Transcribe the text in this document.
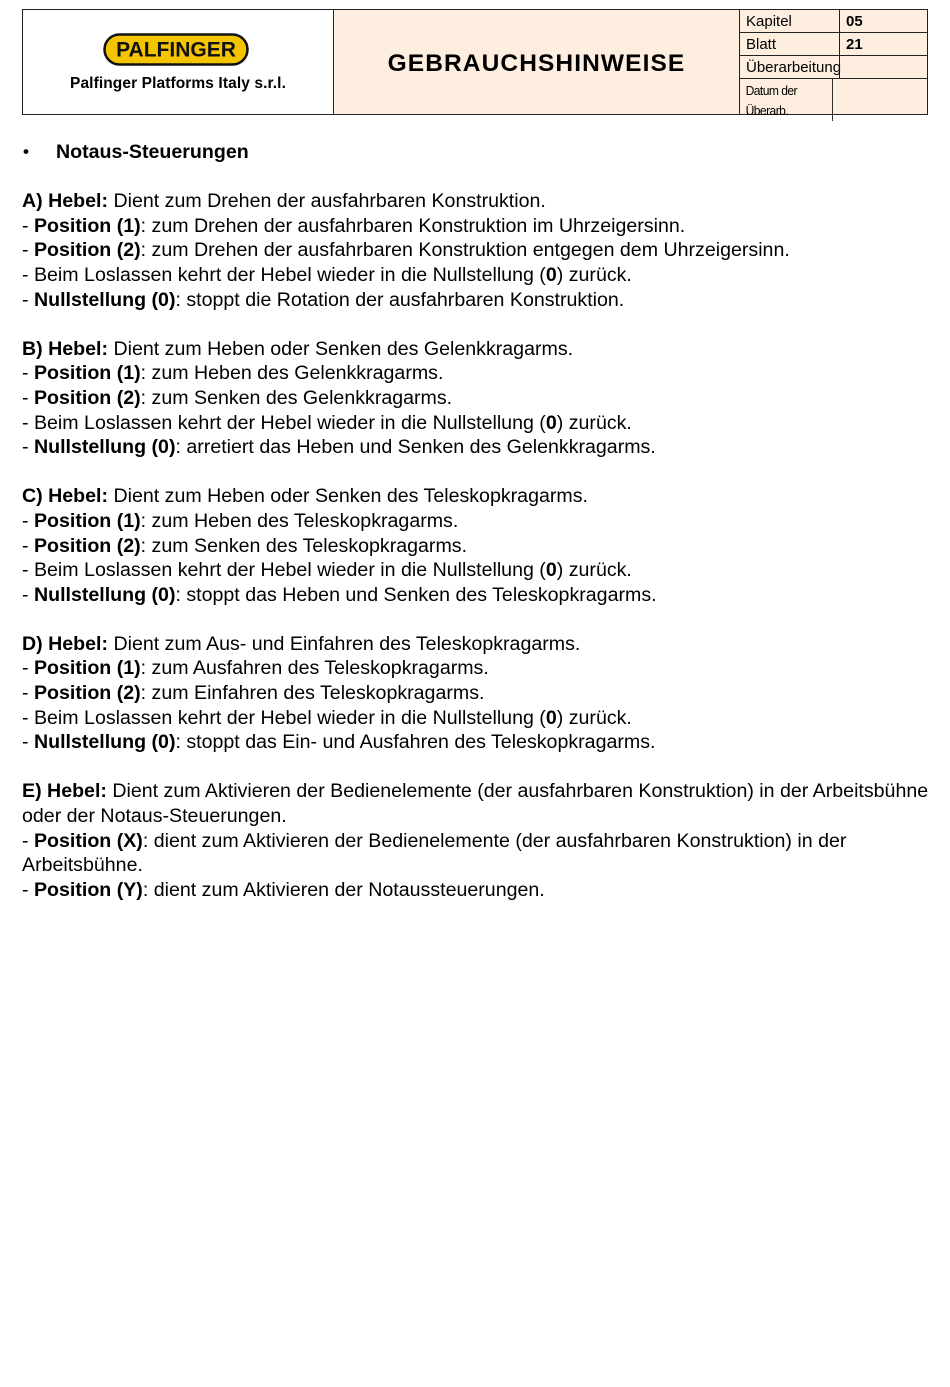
PALFINGER
Palfinger Platforms Italy s.r.l.
GEBRAUCHSHINWEISE
Kapitel	05
Blatt	21
Überarbeitung
Datum der Überarb.
•	Notaus-Steuerungen
A) Hebel: Dient zum Drehen der ausfahrbaren Konstruktion.
- Position (1): zum Drehen der ausfahrbaren Konstruktion im Uhrzeigersinn.
- Position (2): zum Drehen der ausfahrbaren Konstruktion entgegen dem Uhrzeigersinn.
- Beim Loslassen kehrt der Hebel wieder in die Nullstellung (0) zurück.
- Nullstellung (0): stoppt die Rotation der ausfahrbaren Konstruktion.
B) Hebel: Dient zum Heben oder Senken des Gelenkkragarms.
- Position (1): zum Heben des Gelenkkragarms.
- Position (2): zum Senken des Gelenkkragarms.
- Beim Loslassen kehrt der Hebel wieder in die Nullstellung (0) zurück.
- Nullstellung (0): arretiert das Heben und Senken des Gelenkkragarms.
C) Hebel: Dient zum Heben oder Senken des Teleskopkragarms.
- Position (1): zum Heben des Teleskopkragarms.
- Position (2): zum Senken des Teleskopkragarms.
- Beim Loslassen kehrt der Hebel wieder in die Nullstellung (0) zurück.
- Nullstellung (0): stoppt das Heben und Senken des Teleskopkragarms.
D) Hebel: Dient zum Aus- und Einfahren des Teleskopkragarms.
- Position (1): zum Ausfahren des Teleskopkragarms.
- Position (2): zum Einfahren des Teleskopkragarms.
- Beim Loslassen kehrt der Hebel wieder in die Nullstellung (0) zurück.
- Nullstellung (0): stoppt das Ein- und Ausfahren des Teleskopkragarms.
E) Hebel: Dient zum Aktivieren der Bedienelemente (der ausfahrbaren Konstruktion) in der Arbeitsbühne
oder der Notaus-Steuerungen.
- Position (X): dient zum Aktivieren der Bedienelemente (der ausfahrbaren Konstruktion) in der Arbeitsbühne.
- Position (Y): dient zum Aktivieren der Notaussteuerungen.
